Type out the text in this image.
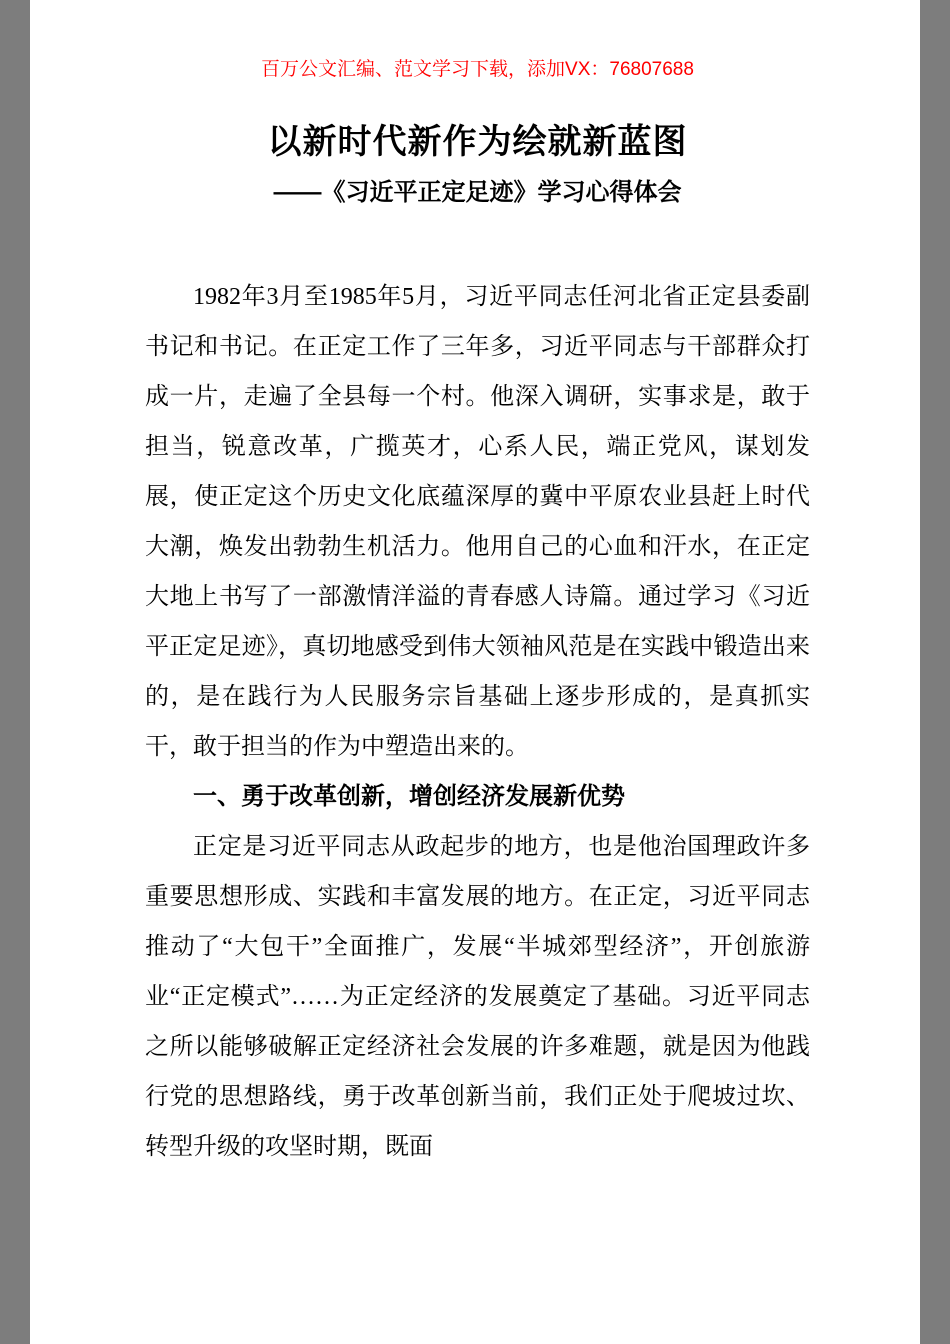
百万公文汇编、范文学习下载，添加VX：76807688
以新时代新作为绘就新蓝图
——《习近平正定足迹》学习心得体会

1982年3月至1985年5月，习近平同志任河北省正定县委副书记和书记。在正定工作了三年多，习近平同志与干部群众打成一片，走遍了全县每一个村。他深入调研，实事求是，敢于担当，锐意改革，广揽英才，心系人民，端正党风，谋划发展，使正定这个历史文化底蕴深厚的冀中平原农业县赶上时代大潮，焕发出勃勃生机活力。他用自己的心血和汗水，在正定大地上书写了一部激情洋溢的青春感人诗篇。通过学习《习近平正定足迹》，真切地感受到伟大领袖风范是在实践中锻造出来的，是在践行为人民服务宗旨基础上逐步形成的，是真抓实干，敢于担当的作为中塑造出来的。

一、勇于改革创新，增创经济发展新优势

正定是习近平同志从政起步的地方，也是他治国理政许多重要思想形成、实践和丰富发展的地方。在正定，习近平同志推动了“大包干”全面推广，发展“半城郊型经济”，开创旅游业“正定模式”……为正定经济的发展奠定了基础。习近平同志之所以能够破解正定经济社会发展的许多难题，就是因为他践行党的思想路线，勇于改革创新当前，我们正处于爬坡过坎、转型升级的攻坚时期，既面
